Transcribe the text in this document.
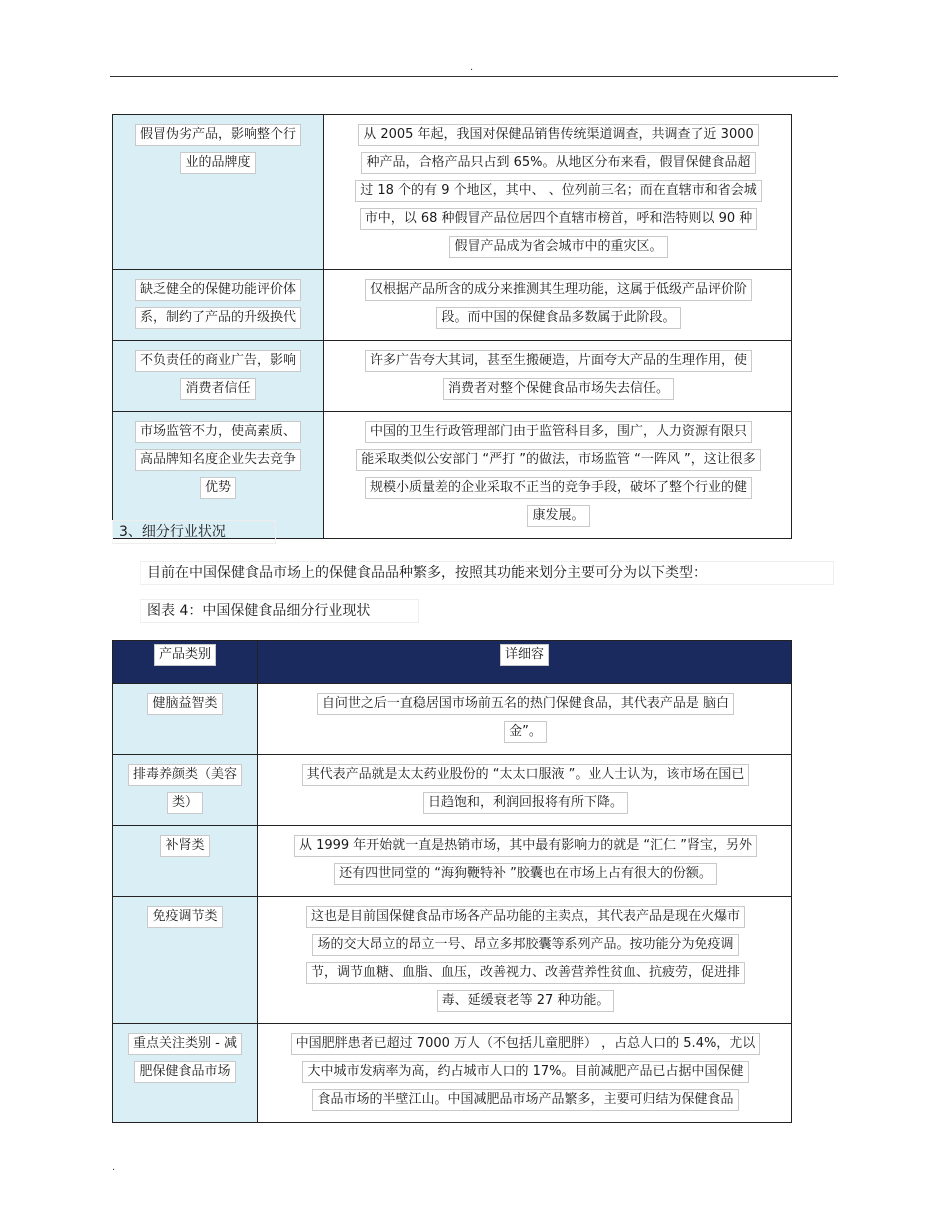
.
假冒伪劣产品，影响整个行
业的品牌度	从 2005 年起，我国对保健品销售传统渠道调查，共调查了近 3000
种产品，合格产品只占到 65%。从地区分布来看，假冒保健食品超
过 18 个的有 9 个地区，其中、 、位列前三名；而在直辖市和省会城
市中，以 68 种假冒产品位居四个直辖市榜首，呼和浩特则以 90 种
假冒产品成为省会城市中的重灾区。

缺乏健全的保健功能评价体
系，制约了产品的升级换代	仅根据产品所含的成分来推测其生理功能，这属于低级产品评价阶
段。而中国的保健食品多数属于此阶段。

不负责任的商业广告，影响
消费者信任	许多广告夸大其词，甚至生搬硬造，片面夸大产品的生理作用，使
消费者对整个保健食品市场失去信任。

市场监管不力，使高素质、
高品牌知名度企业失去竞争
优势	中国的卫生行政管理部门由于监管科目多，围广，人力资源有限只
能采取类似公安部门 “严打 ”的做法，市场监管 “一阵风 ”，这让很多
规模小质量差的企业采取不正当的竞争手段，破坏了整个行业的健
康发展。

3、细分行业状况
目前在中国保健食品市场上的保健食品品种繁多，按照其功能来划分主要可分为以下类型：
图表 4：中国保健食品细分行业现状
产品类别	详细容

健脑益智类	自问世之后一直稳居国市场前五名的热门保健食品，其代表产品是 脑白
金”。

排毒养颜类（美容
类）	其代表产品就是太太药业股份的 “太太口服液 ”。业人士认为，该市场在国已
日趋饱和，利润回报将有所下降。

补肾类	从 1999 年开始就一直是热销市场，其中最有影响力的就是 “汇仁 ”肾宝，另外
还有四世同堂的 “海狗鞭特补 ”胶囊也在市场上占有很大的份额。

免疫调节类	这也是目前国保健食品市场各产品功能的主卖点，其代表产品是现在火爆市
场的交大昂立的昂立一号、昂立多邦胶囊等系列产品。按功能分为免疫调
节，调节血糖、血脂、血压，改善视力、改善营养性贫血、抗疲劳，促进排
毒、延缓衰老等 27 种功能。

重点关注类别 - 减
肥保健食品市场	中国肥胖患者已超过 7000 万人（不包括儿童肥胖） ，占总人口的 5.4%，尤以
大中城市发病率为高，约占城市人口的 17%。目前减肥产品已占据中国保健
食品市场的半壁江山。中国减肥品市场产品繁多，主要可归结为保健食品

.
